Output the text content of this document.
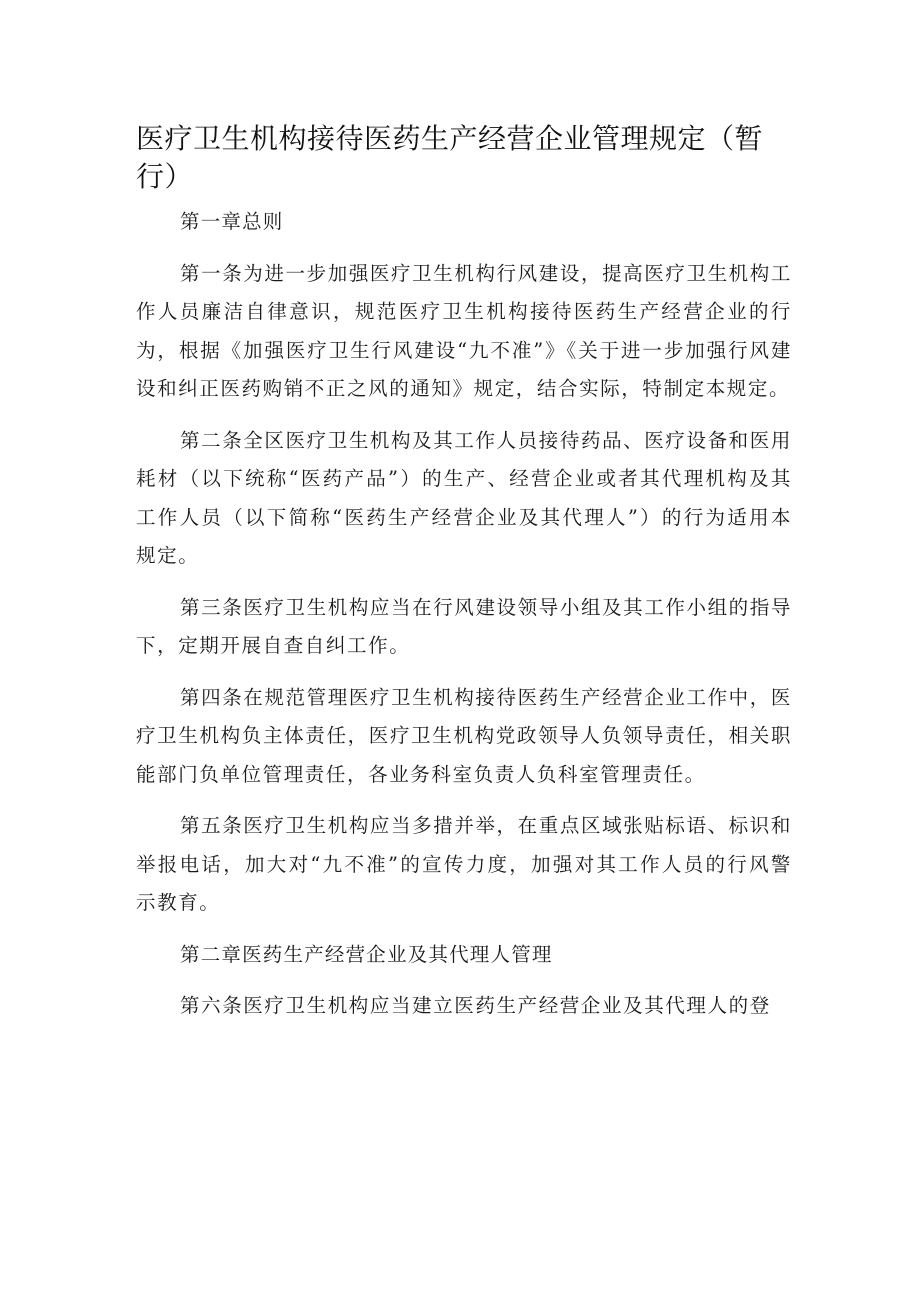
医疗卫生机构接待医药生产经营企业管理规定（暂行）

第一章总则

第一条为进一步加强医疗卫生机构行风建设，提高医疗卫生机构工作人员廉洁自律意识，规范医疗卫生机构接待医药生产经营企业的行为，根据《加强医疗卫生行风建设“九不准”》《关于进一步加强行风建设和纠正医药购销不正之风的通知》规定，结合实际，特制定本规定。

第二条全区医疗卫生机构及其工作人员接待药品、医疗设备和医用耗材（以下统称“医药产品”）的生产、经营企业或者其代理机构及其工作人员（以下简称“医药生产经营企业及其代理人”）的行为适用本规定。

第三条医疗卫生机构应当在行风建设领导小组及其工作小组的指导下，定期开展自查自纠工作。

第四条在规范管理医疗卫生机构接待医药生产经营企业工作中，医疗卫生机构负主体责任，医疗卫生机构党政领导人负领导责任，相关职能部门负单位管理责任，各业务科室负责人负科室管理责任。

第五条医疗卫生机构应当多措并举，在重点区域张贴标语、标识和举报电话，加大对“九不准”的宣传力度，加强对其工作人员的行风警示教育。

第二章医药生产经营企业及其代理人管理

第六条医疗卫生机构应当建立医药生产经营企业及其代理人的登
